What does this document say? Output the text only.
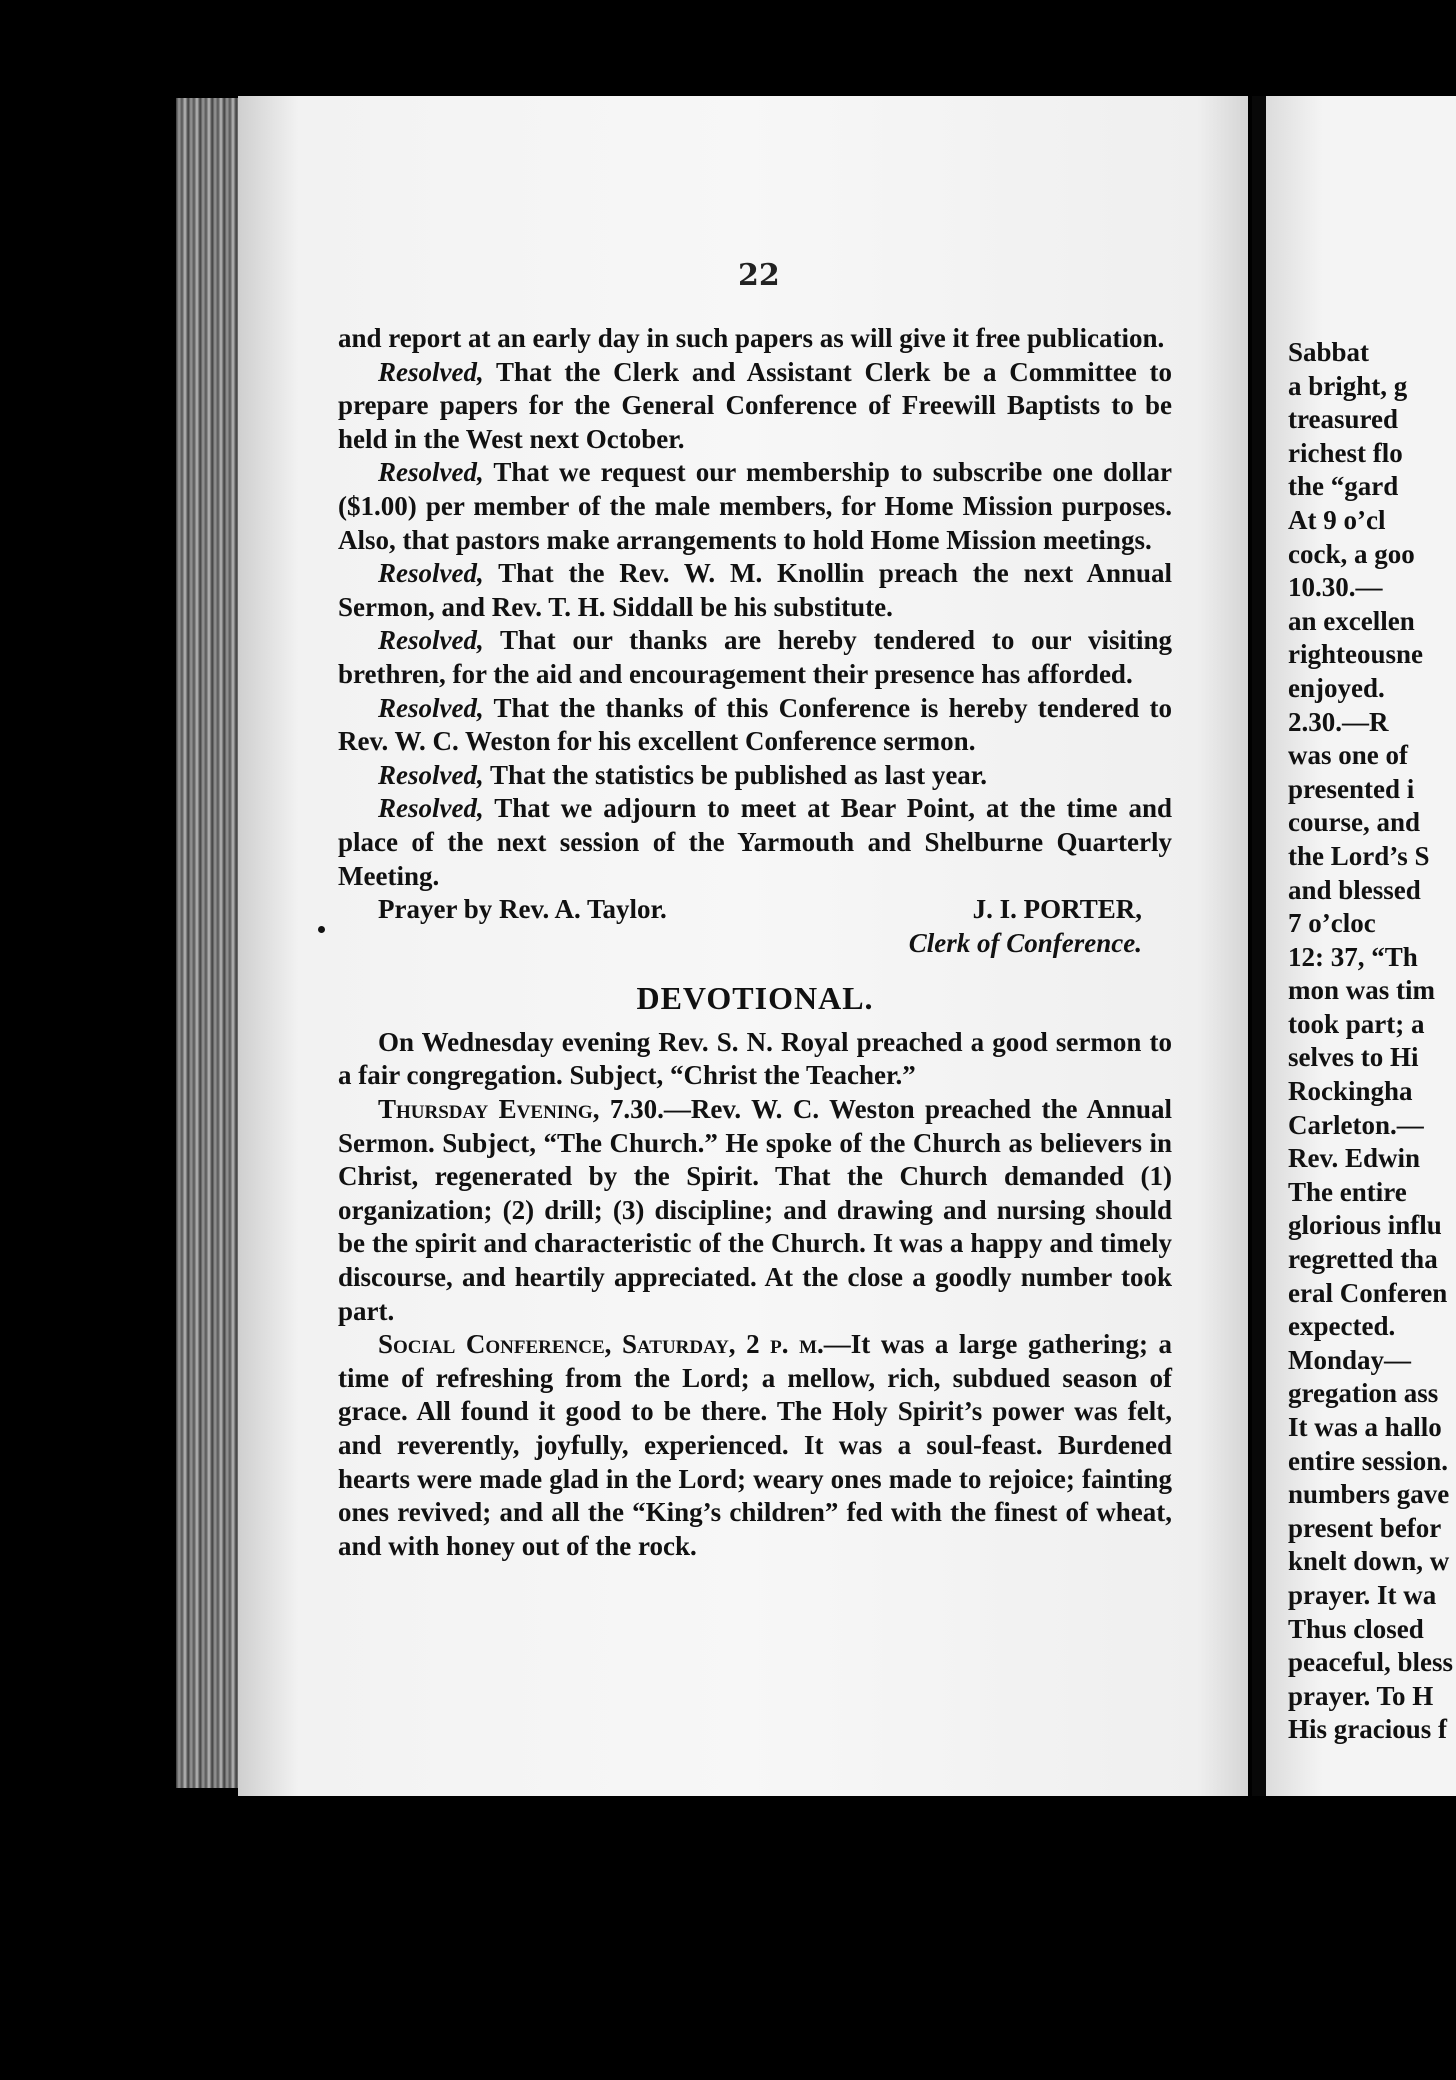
Sabbat
a bright, g
treasured
richest flo
the “gard
At 9 o’cl
cock, a goo
10.30.—
an excellen
righteousne
enjoyed.
2.30.—R
was one of
presented i
course, and
the Lord’s S
and blessed
7 o’cloc
12: 37, “Th
mon was tim
took part; a
selves to Hi
Rockingha
Carleton.—
Rev. Edwin
The entire
glorious influ
regretted tha
eral Conferen
expected.
Monday—
gregation ass
It was a hallo
entire session.
numbers gave
present befor
knelt down, w
prayer. It wa
Thus closed
peaceful, bless
prayer. To H
His gracious f
22

and report at an early day in such papers as will give it free publication.

Resolved, That the Clerk and Assistant Clerk be a Committee to prepare papers for the General Conference of Freewill Baptists to be held in the West next October.

Resolved, That we request our membership to subscribe one dollar ($1.00) per member of the male members, for Home Mission purposes. Also, that pastors make arrangements to hold Home Mission meetings.

Resolved, That the Rev. W. M. Knollin preach the next Annual Sermon, and Rev. T. H. Siddall be his substitute.

Resolved, That our thanks are hereby tendered to our visiting brethren, for the aid and encouragement their presence has afforded.

Resolved, That the thanks of this Conference is hereby tendered to Rev. W. C. Weston for his excellent Conference sermon.

Resolved, That the statistics be published as last year.

Resolved, That we adjourn to meet at Bear Point, at the time and place of the next session of the Yarmouth and Shelburne Quarterly Meeting.

Prayer by Rev. A. Taylor.	J. I. PORTER,

Clerk of Conference.

DEVOTIONAL.

On Wednesday evening Rev. S. N. Royal preached a good sermon to a fair congregation. Subject, “Christ the Teacher.”

Thursday Evening, 7.30.—Rev. W. C. Weston preached the Annual Sermon. Subject, “The Church.” He spoke of the Church as believers in Christ, regenerated by the Spirit. That the Church demanded (1) organization; (2) drill; (3) discipline; and drawing and nursing should be the spirit and characteristic of the Church. It was a happy and timely discourse, and heartily appreciated. At the close a goodly number took part.

Social Conference, Saturday, 2 p. m.—It was a large gathering; a time of refreshing from the Lord; a mellow, rich, subdued season of grace. All found it good to be there. The Holy Spirit’s power was felt, and reverently, joyfully, experienced. It was a soul-feast. Burdened hearts were made glad in the Lord; weary ones made to rejoice; fainting ones revived; and all the “King’s children” fed with the finest of wheat, and with honey out of the rock.
